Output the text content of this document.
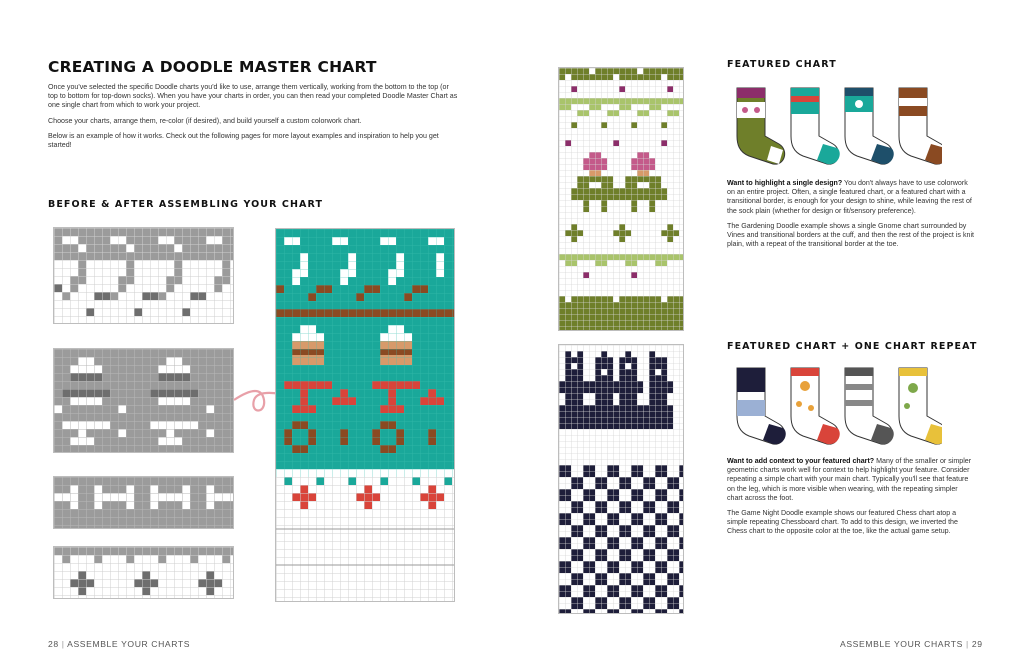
CREATING A DOODLE MASTER CHART

Once you've selected the specific Doodle charts you'd like to use, arrange them vertically, working from the bottom to the top (or top to bottom for top-down socks). When you have your charts in order, you can then read your completed Doodle Master Chart as one single chart from which to work your project.

Choose your charts, arrange them, re-color (if desired), and build yourself a custom colorwork chart.

Below is an example of how it works. Check out the following pages for more layout examples and inspiration to help you get started!

BEFORE & AFTER ASSEMBLING YOUR CHART
28 | ASSEMBLE YOUR CHARTS
FEATURED CHART

Want to highlight a single design? You don't always have to use colorwork on an entire project. Often, a single featured chart, or a featured chart with a transitional border, is enough for your design to shine, while leaving the rest of the sock plain (whether for design or fit/sensory preference).

The Gardening Doodle example shows a single Gnome chart surrounded by Vines and transitional borders at the cuff, and then the rest of the project is knit plain, with a repeat of the transitional border at the toe.

FEATURED CHART + ONE CHART REPEAT

Want to add context to your featured chart? Many of the smaller or simpler geometric charts work well for context to help highlight your feature. Consider repeating a simple chart with your main chart. Typically you'll see that feature on the leg, which is more visible when wearing, with the repeating simpler chart across the foot.

The Game Night Doodle example shows our featured Chess chart atop a simple repeating Chessboard chart. To add to this design, we inverted the Chess chart to the opposite color at the toe, like the actual game setup.

ASSEMBLE YOUR CHARTS | 29
